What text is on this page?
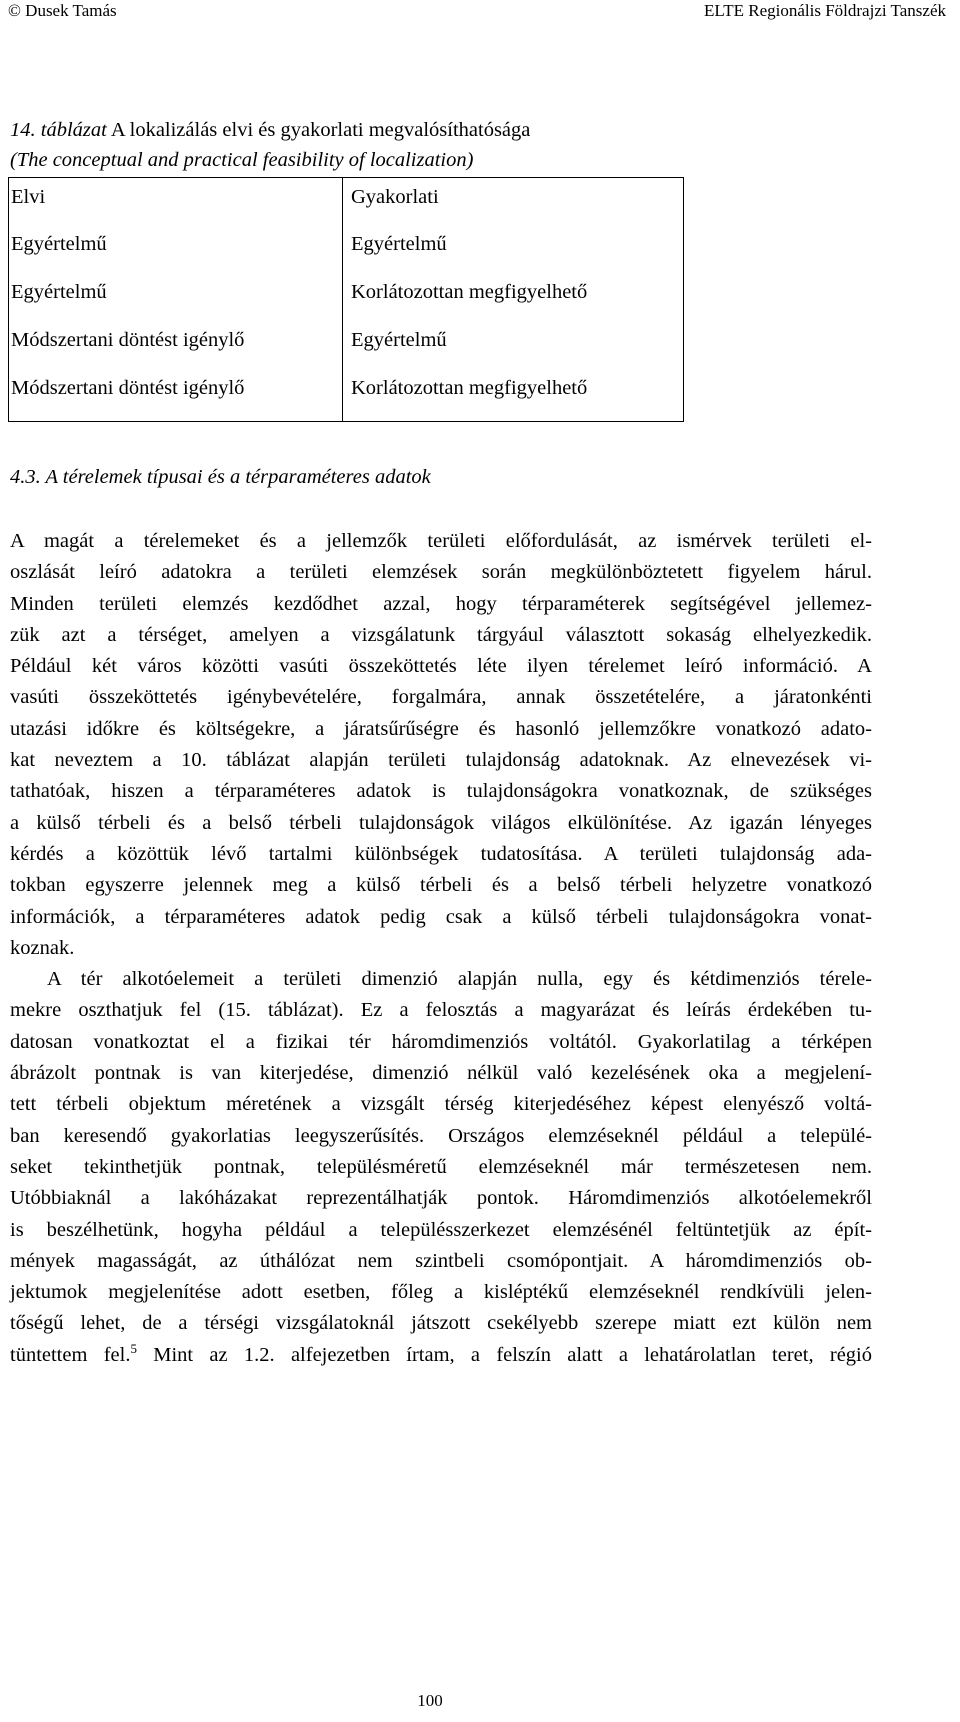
© Dusek Tamás	ELTE Regionális Földrajzi Tanszék
14. táblázat A lokalizálás elvi és gyakorlati megvalósíthatósága
(The conceptual and practical feasibility of localization)
Elvi	Gyakorlati
Egyértelmű	Egyértelmű
Egyértelmű	Korlátozottan megfigyelhető
Módszertani döntést igénylő	Egyértelmű
Módszertani döntést igénylő	Korlátozottan megfigyelhető
4.3. A térelemek típusai és a térparaméteres adatok
A magát a térelemeket és a jellemzők területi előfordulását, az ismérvek területi el-
oszlását leíró adatokra a területi elemzések során megkülönböztetett figyelem hárul.
Minden területi elemzés kezdődhet azzal, hogy térparaméterek segítségével jellemez-
zük azt a térséget, amelyen a vizsgálatunk tárgyául választott sokaság elhelyezkedik.
Például két város közötti vasúti összeköttetés léte ilyen térelemet leíró információ. A
vasúti összeköttetés igénybevételére, forgalmára, annak összetételére, a járatonkénti
utazási időkre és költségekre, a járatsűrűségre és hasonló jellemzőkre vonatkozó adato-
kat neveztem a 10. táblázat alapján területi tulajdonság adatoknak. Az elnevezések vi-
tathatóak, hiszen a térparaméteres adatok is tulajdonságokra vonatkoznak, de szükséges
a külső térbeli és a belső térbeli tulajdonságok világos elkülönítése. Az igazán lényeges
kérdés a közöttük lévő tartalmi különbségek tudatosítása. A területi tulajdonság ada-
tokban egyszerre jelennek meg a külső térbeli és a belső térbeli helyzetre vonatkozó
információk, a térparaméteres adatok pedig csak a külső térbeli tulajdonságokra vonat-
koznak.
A tér alkotóelemeit a területi dimenzió alapján nulla, egy és kétdimenziós térele-
mekre oszthatjuk fel (15. táblázat). Ez a felosztás a magyarázat és leírás érdekében tu-
datosan vonatkoztat el a fizikai tér háromdimenziós voltától. Gyakorlatilag a térképen
ábrázolt pontnak is van kiterjedése, dimenzió nélkül való kezelésének oka a megjelení-
tett térbeli objektum méretének a vizsgált térség kiterjedéséhez képest elenyésző voltá-
ban keresendő gyakorlatias leegyszerűsítés. Országos elemzéseknél például a települé-
seket tekinthetjük pontnak, településméretű elemzéseknél már természetesen nem.
Utóbbiaknál a lakóházakat reprezentálhatják pontok. Háromdimenziós alkotóelemekről
is beszélhetünk, hogyha például a településszerkezet elemzésénél feltüntetjük az épít-
mények magasságát, az úthálózat nem szintbeli csomópontjait. A háromdimenziós ob-
jektumok megjelenítése adott esetben, főleg a kisléptékű elemzéseknél rendkívüli jelen-
tőségű lehet, de a térségi vizsgálatoknál játszott csekélyebb szerepe miatt ezt külön nem
tüntettem fel.$^5$ Mint az 1.2. alfejezetben írtam, a felszín alatt a lehatárolatlan teret, régió
100
